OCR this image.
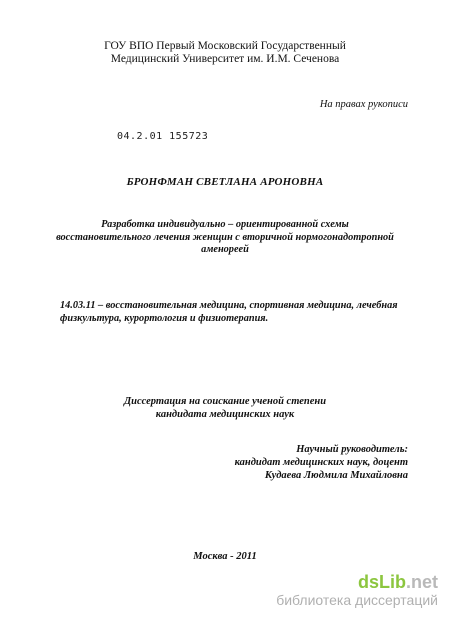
ГОУ ВПО Первый Московский Государственный
Медицинский Университет им. И.М. Сеченова
На правах рукописи
04.2.01 155723
БРОНФМАН СВЕТЛАНА АРОНОВНА
Разработка индивидуально – ориентированной схемы
восстановительного лечения женщин с вторичной нормогонадотропной
аменореей
14.03.11 – восстановительная медицина, спортивная медицина, лечебная
физкультура, курортология и физиотерапия.
Диссертация на соискание ученой степени
кандидата медицинских наук
Научный руководитель:
кандидат медицинских наук, доцент
Кудаева Людмила Михайловна
Москва - 2011
dsLib.net
библиотека диссертаций
